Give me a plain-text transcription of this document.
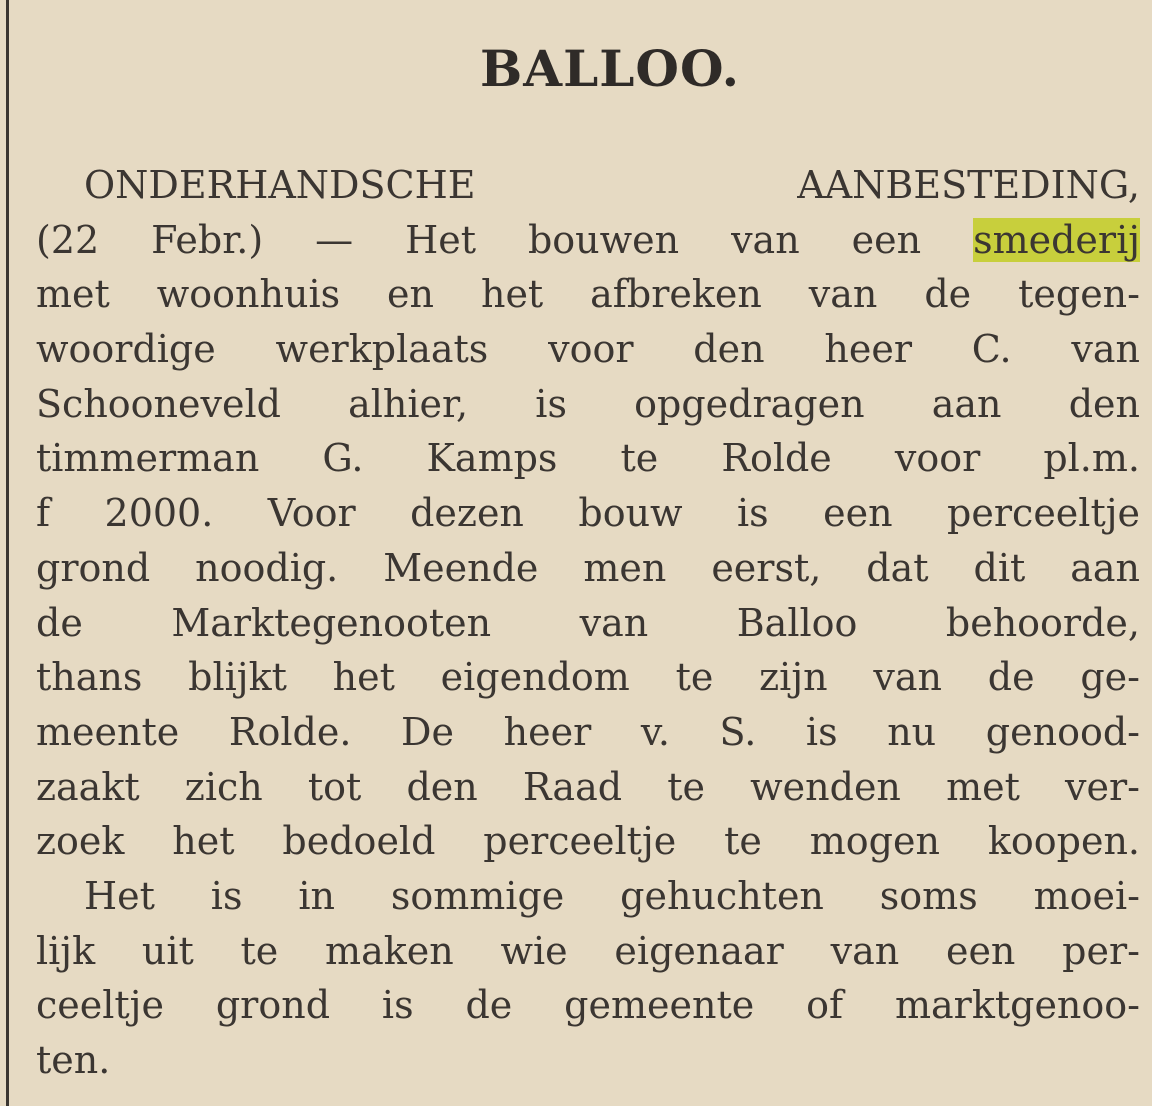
BALLOO.
ONDERHANDSCHE AANBESTEDING,
(22 Febr.) — Het bouwen van een smederij
met woonhuis en het afbreken van de tegen-
woordige werkplaats voor den heer C. van
Schooneveld alhier, is opgedragen aan den
timmerman G. Kamps te Rolde voor pl.m.
f 2000. Voor dezen bouw is een perceeltje
grond noodig. Meende men eerst, dat dit aan
de Marktegenooten van Balloo behoorde,
thans blijkt het eigendom te zijn van de ge-
meente Rolde. De heer v. S. is nu genood-
zaakt zich tot den Raad te wenden met ver-
zoek het bedoeld perceeltje te mogen koopen.
Het is in sommige gehuchten soms moei-
lijk uit te maken wie eigenaar van een per-
ceeltje grond is de gemeente of marktgenoo-
ten.
